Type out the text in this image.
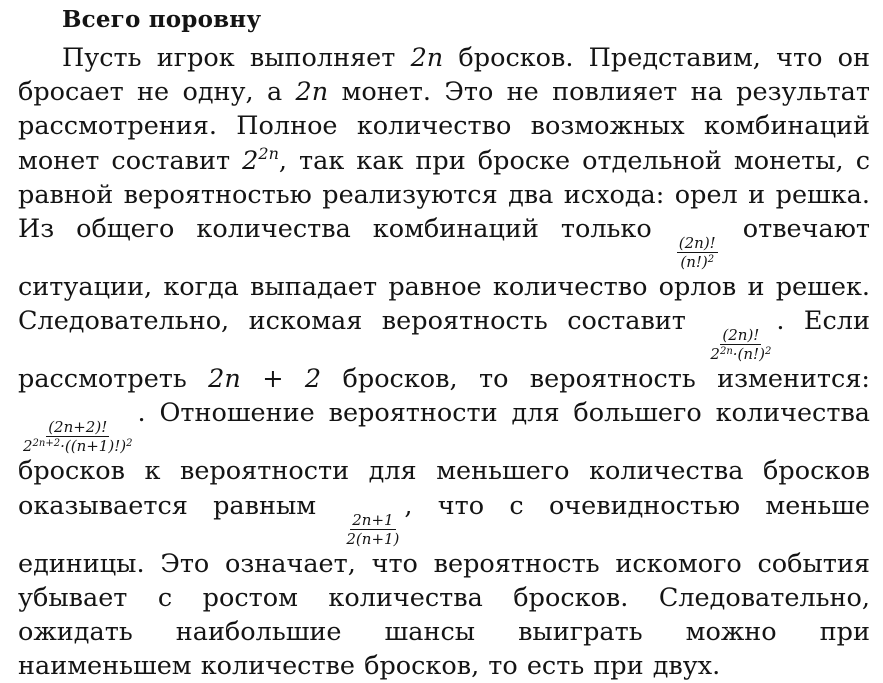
Всего поровну

Пусть игрок выполняет 2n бросков. Представим, что он бросает не одну, а 2n монет. Это не повлияет на результат рассмотрения. Полное количество возможных комбинаций монет составит $2^{2n}$, так как при броске отдельной монеты, с равной вероятностью реализуются два исхода: орел и решка. Из общего количества комбинаций только
$\frac{(2n)!}{(n!)^2}$
отвечают ситуации, когда выпадает равное количество орлов и решек. Следовательно, искомая вероятность составит
$\frac{(2n)!}{2^{2n}\cdot(n!)^2}$
. Если рассмотреть 2n + 2 бросков, то вероятность изменится:
$\frac{(2n+2)!}{2^{2n+2}\cdot((n+1)!)^2}$
. Отношение вероятности для большего количества бросков к вероятности для меньшего количества бросков оказывается равным
$\frac{2n+1}{2(n+1)}$
, что с очевидностью меньше единицы. Это означает, что вероятность искомого события убывает с ростом количества бросков. Следовательно, ожидать наибольшие шансы выиграть можно при наименьшем количестве бросков, то есть при двух.
